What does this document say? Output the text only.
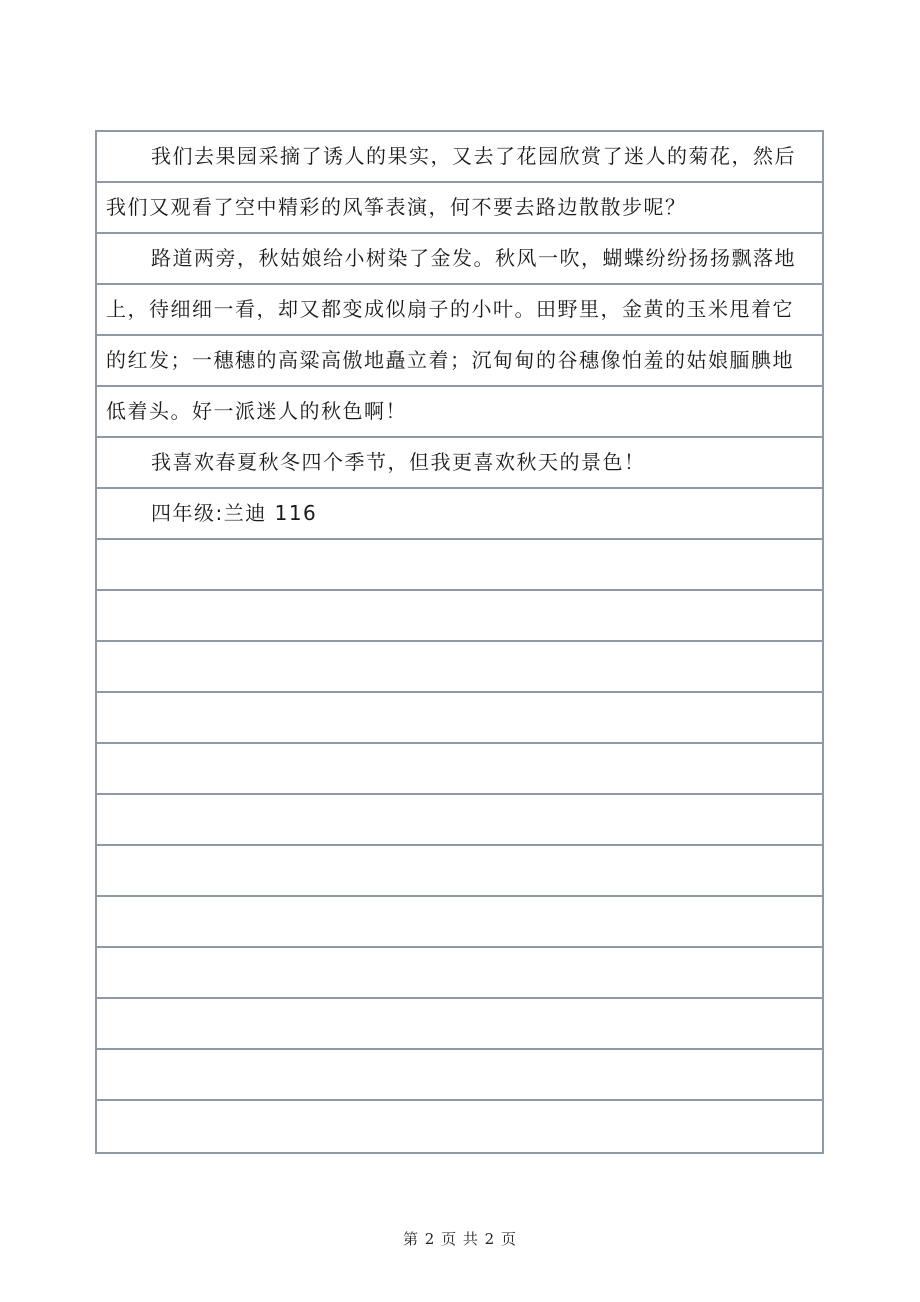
我们去果园采摘了诱人的果实，又去了花园欣赏了迷人的菊花，然后
我们又观看了空中精彩的风筝表演，何不要去路边散散步呢？
路道两旁，秋姑娘给小树染了金发。秋风一吹，蝴蝶纷纷扬扬飘落地
上，待细细一看，却又都变成似扇子的小叶。田野里，金黄的玉米甩着它
的红发；一穗穗的高粱高傲地矗立着；沉甸甸的谷穗像怕羞的姑娘腼腆地
低着头。好一派迷人的秋色啊！
我喜欢春夏秋冬四个季节，但我更喜欢秋天的景色！
四年级:兰迪 116
第 2 页 共 2 页
